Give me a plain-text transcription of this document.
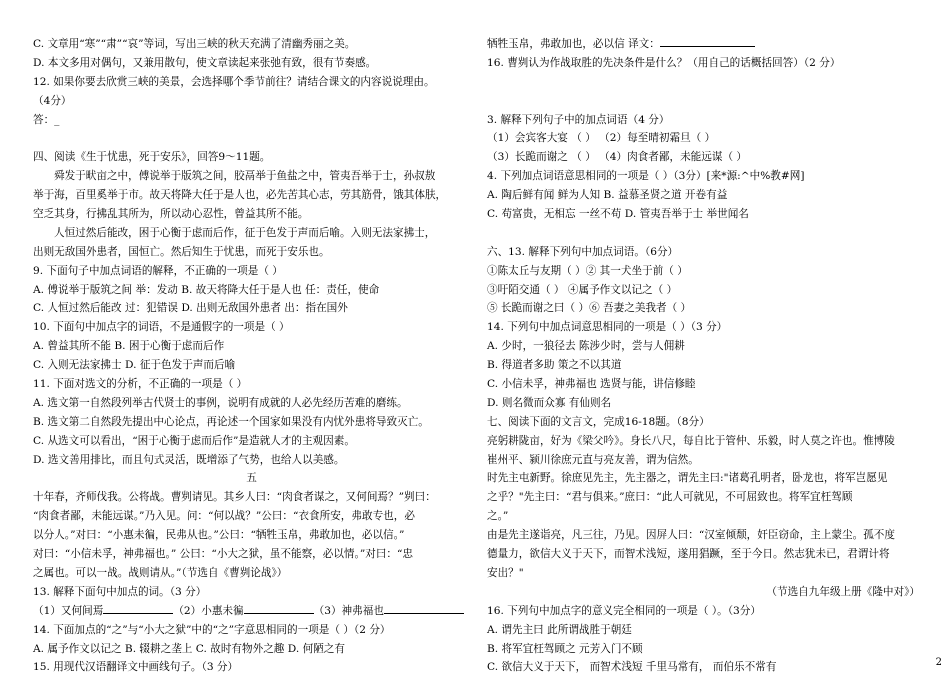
C. 文章用“寒”“肃”“哀”等词，写出三峡的秋天充满了清幽秀丽之美。
D. 本文多用对偶句，又兼用散句，使文章读起来张弛有致，很有节奏感。
12. 如果你要去欣赏三峡的美景，会选择哪个季节前往？请结合课文的内容说说理由。
（4分）
答：_
四、阅读《生于忧患，死于安乐》，回答9～11题。
舜发于畎亩之中，傅说举于版筑之间，胶鬲举于鱼盐之中，管夷吾举于士，孙叔敖
举于海，百里奚举于市。故天将降大任于是人也，必先苦其心志，劳其筋骨，饿其体肤，
空乏其身，行拂乱其所为，所以动心忍性，曾益其所不能。
人恒过然后能改，困于心衡于虑而后作，征于色发于声而后喻。入则无法家拂士，
出则无敌国外患者，国恒亡。然后知生于忧患，而死于安乐也。
9. 下面句子中加点词语的解释，不正确的一项是（ ）
A. 傅说举于版筑之间 举：发动 B. 故天将降大任于是人也 任：责任，使命
C. 人恒过然后能改 过：犯错误 D. 出则无敌国外患者 出：指在国外
10. 下面句中加点字的词语，不是通假字的一项是（ ）
A. 曾益其所不能 B. 困于心衡于虑而后作
C. 入则无法家拂士 D. 征于色发于声而后喻
11. 下面对选文的分析，不正确的一项是（ ）
A. 选文第一自然段列举古代贤士的事例，说明有成就的人必先经历苦难的磨练。
B. 选文第二自然段先提出中心论点，再论述一个国家如果没有内忧外患将导致灭亡。
C. 从选文可以看出，“困于心衡于虑而后作”是造就人才的主观因素。
D. 选文善用排比，而且句式灵活，既增添了气势，也给人以美感。
五
十年春，齐师伐我。公将战。曹刿请见。其乡人曰：“肉食者谋之，又何间焉？”刿曰：
“肉食者鄙，未能远谋。”乃入见。问：“何以战？”公曰：“衣食所安，弗敢专也，必
以分人。”对曰：“小惠未徧，民弗从也。”公曰：“牺牲玉帛，弗敢加也，必以信。”
对曰：“小信未孚，神弗福也。” 公曰：“小大之狱，虽不能察，必以情。”对曰：“忠
之属也。可以一战。战则请从。”（节选自《曹刿论战》）
13. 解释下面句中加点的词。（3 分）
（1）又何间焉	（2）小惠未徧	（3）神弗福也
14. 下面加点的“之”与“小大之狱”中的“之”字意思相同的一项是（ ）（2 分）
A. 属予作文以记之 B. 辍耕之垄上 C. 故时有物外之趣 D. 何陋之有
15. 用现代汉语翻译文中画线句子。（3 分）
牺牲玉帛，弗敢加也，必以信 译文：
16. 曹刿认为作战取胜的先决条件是什么？（用自己的话概括回答）（2 分）
3. 解释下列句子中的加点词语（4 分）
（1）会宾客大宴 （ ） （2）每至晴初霜旦（ ）
（3）长跪而谢之 （ ） （4）肉食者鄙，未能远谋（ ）
4. 下列加点词语意思相同的一项是（ ）（3分）[来*源:^中%教#网]
A. 陶后鲜有闻 鲜为人知 B. 益慕圣贤之道 开卷有益
C. 苟富贵，无相忘 一丝不苟 D. 管夷吾举于士 举世闻名
六、13. 解释下列句中加点词语。（6分）
①陈太丘与友期（ ）② 其一犬坐于前（ ）
③吁陌交通（ ） ④属予作文以记之（ ）
⑤ 长跪而谢之曰（ ）⑥ 吾妻之美我者（ ）
14. 下列句中加点词意思相同的一项是（ ）（3 分）
A. 少时，一狼径去 陈涉少时，尝与人佣耕
B. 得道者多助 策之不以其道
C. 小信未孚，神弗福也 选贤与能，讲信修睦
D. 则名微而众寡 有仙则名
七、阅读下面的文言文，完成16-18题。（8分）
亮躬耕陇亩，好为《梁父吟》。身长八尺，每自比于管仲、乐毅，时人莫之许也。惟博陵
崔州平、颍川徐庶元直与亮友善，谓为信然。
时先主屯新野。徐庶见先主，先主器之，谓先主曰:"诸葛孔明者，卧龙也，将军岂愿见
之乎？"先主曰：“君与俱来。”庶曰：“此人可就见，不可屈致也。将军宜枉驾顾
之。”
由是先主遂诣亮，凡三往，乃见。因屏人曰：“汉室倾颓，奸臣窃命，主上蒙尘。孤不度
德量力，欲信大义于天下，而智术浅短，遂用猖蹶，至于今日。然志犹未已，君谓计将
安出？"
（节选自九年级上册《隆中对》）
16. 下列句中加点字的意义完全相同的一项是（ ）。（3分）
A. 谓先主曰 此所谓战胜于朝廷
B. 将军宜枉驾顾之 元芳入门不顾
C. 欲信大义于天下， 而智术浅短 千里马常有， 而伯乐不常有	2
